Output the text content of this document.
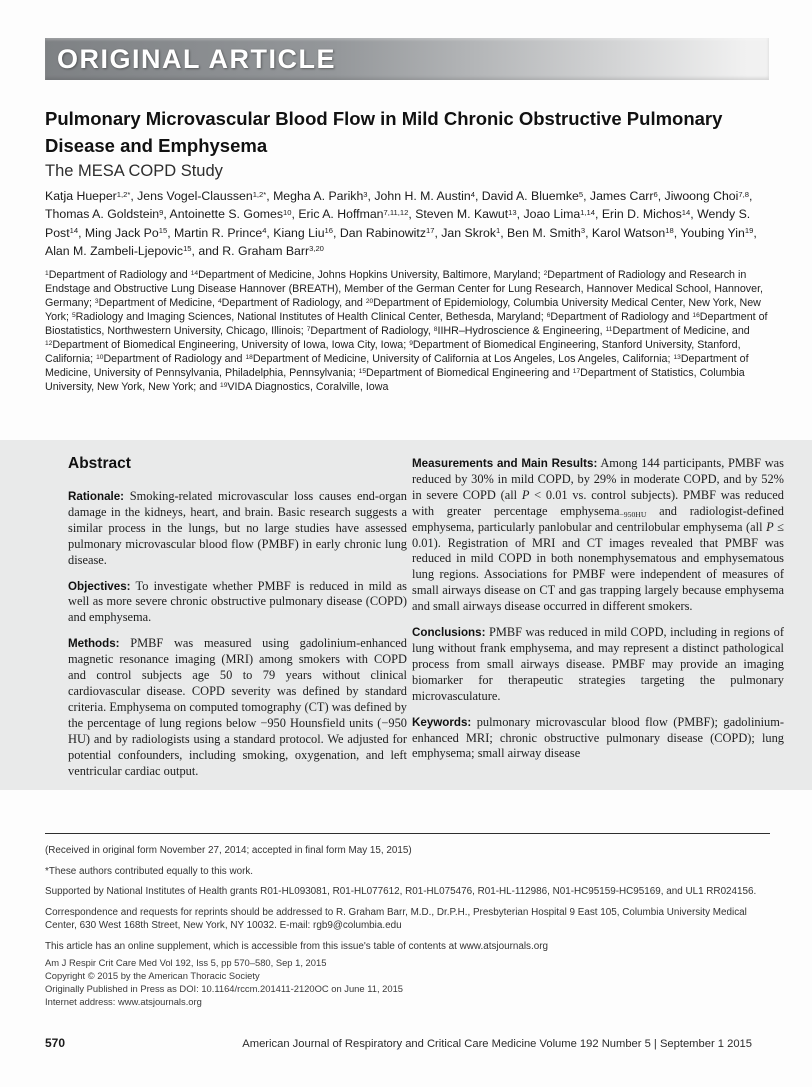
ORIGINAL ARTICLE
Pulmonary Microvascular Blood Flow in Mild Chronic Obstructive Pulmonary Disease and Emphysema
The MESA COPD Study

Katja Hueper$^{1,2*}$, Jens Vogel-Claussen$^{1,2*}$, Megha A. Parikh$^3$, John H. M. Austin$^4$, David A. Bluemke$^5$, James Carr$^6$, Jiwoong Choi$^{7,8}$, Thomas A. Goldstein$^9$, Antoinette S. Gomes$^{10}$, Eric A. Hoffman$^{7,11,12}$, Steven M. Kawut$^{13}$, Joao Lima$^{1,14}$, Erin D. Michos$^{14}$, Wendy S. Post$^{14}$, Ming Jack Po$^{15}$, Martin R. Prince$^4$, Kiang Liu$^{16}$, Dan Rabinowitz$^{17}$, Jan Skrok$^1$, Ben M. Smith$^3$, Karol Watson$^{18}$, Youbing Yin$^{19}$, Alan M. Zambeli-Ljepovic$^{15}$, and R. Graham Barr$^{3,20}$

$^1$Department of Radiology and $^{14}$Department of Medicine, Johns Hopkins University, Baltimore, Maryland; $^2$Department of Radiology and Research in Endstage and Obstructive Lung Disease Hannover (BREATH), Member of the German Center for Lung Research, Hannover Medical School, Hannover, Germany; $^3$Department of Medicine, $^4$Department of Radiology, and $^{20}$Department of Epidemiology, Columbia University Medical Center, New York, New York; $^5$Radiology and Imaging Sciences, National Institutes of Health Clinical Center, Bethesda, Maryland; $^6$Department of Radiology and $^{16}$Department of Biostatistics, Northwestern University, Chicago, Illinois; $^7$Department of Radiology, $^8$IIHR–Hydroscience & Engineering, $^{11}$Department of Medicine, and $^{12}$Department of Biomedical Engineering, University of Iowa, Iowa City, Iowa; $^9$Department of Biomedical Engineering, Stanford University, Stanford, California; $^{10}$Department of Radiology and $^{18}$Department of Medicine, University of California at Los Angeles, Los Angeles, California; $^{13}$Department of Medicine, University of Pennsylvania, Philadelphia, Pennsylvania; $^{15}$Department of Biomedical Engineering and $^{17}$Department of Statistics, Columbia University, New York, New York; and $^{19}$VIDA Diagnostics, Coralville, Iowa

Abstract

Rationale: Smoking-related microvascular loss causes end-organ damage in the kidneys, heart, and brain. Basic research suggests a similar process in the lungs, but no large studies have assessed pulmonary microvascular blood flow (PMBF) in early chronic lung disease.

Objectives: To investigate whether PMBF is reduced in mild as well as more severe chronic obstructive pulmonary disease (COPD) and emphysema.

Methods: PMBF was measured using gadolinium-enhanced magnetic resonance imaging (MRI) among smokers with COPD and control subjects age 50 to 79 years without clinical cardiovascular disease. COPD severity was defined by standard criteria. Emphysema on computed tomography (CT) was defined by the percentage of lung regions below −950 Hounsfield units (−950 HU) and by radiologists using a standard protocol. We adjusted for potential confounders, including smoking, oxygenation, and left ventricular cardiac output.

Measurements and Main Results: Among 144 participants, PMBF was reduced by 30% in mild COPD, by 29% in moderate COPD, and by 52% in severe COPD (all P < 0.01 vs. control subjects). PMBF was reduced with greater percentage emphysema$_{-950HU}$ and radiologist-defined emphysema, particularly panlobular and centrilobular emphysema (all P ≤ 0.01). Registration of MRI and CT images revealed that PMBF was reduced in mild COPD in both nonemphysematous and emphysematous lung regions. Associations for PMBF were independent of measures of small airways disease on CT and gas trapping largely because emphysema and small airways disease occurred in different smokers.

Conclusions: PMBF was reduced in mild COPD, including in regions of lung without frank emphysema, and may represent a distinct pathological process from small airways disease. PMBF may provide an imaging biomarker for therapeutic strategies targeting the pulmonary microvasculature.

Keywords: pulmonary microvascular blood flow (PMBF); gadolinium-enhanced MRI; chronic obstructive pulmonary disease (COPD); lung emphysema; small airway disease

(Received in original form November 27, 2014; accepted in final form May 15, 2015)

*These authors contributed equally to this work.

Supported by National Institutes of Health grants R01-HL093081, R01-HL077612, R01-HL075476, R01-HL-112986, N01-HC95159-HC95169, and UL1 RR024156.

Correspondence and requests for reprints should be addressed to R. Graham Barr, M.D., Dr.P.H., Presbyterian Hospital 9 East 105, Columbia University Medical Center, 630 West 168th Street, New York, NY 10032. E-mail: rgb9@columbia.edu

This article has an online supplement, which is accessible from this issue's table of contents at www.atsjournals.org

Am J Respir Crit Care Med Vol 192, Iss 5, pp 570–580, Sep 1, 2015

Copyright © 2015 by the American Thoracic Society

Originally Published in Press as DOI: 10.1164/rccm.201411-2120OC on June 11, 2015

Internet address: www.atsjournals.org

570	American Journal of Respiratory and Critical Care Medicine Volume 192 Number 5 | September 1 2015
